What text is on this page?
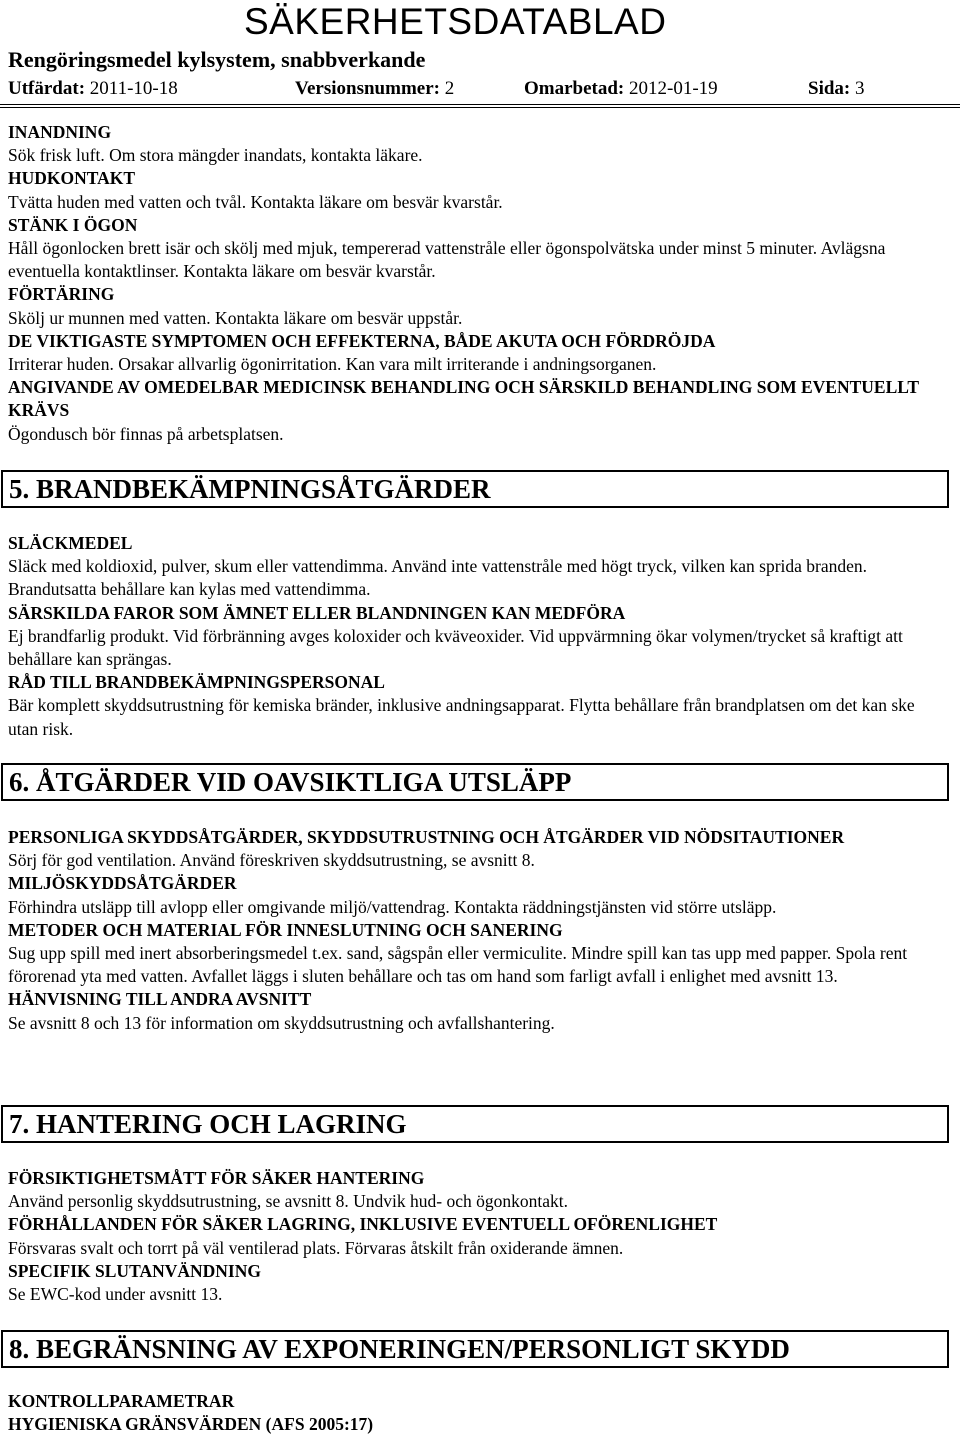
SÄKERHETSDATABLAD
Rengöringsmedel kylsystem, snabbverkande
Utfärdat: 2011-10-18	Versionsnummer: 2	Omarbetad: 2012-01-19	Sida: 3

INANDNING

Sök frisk luft. Om stora mängder inandats, kontakta läkare.

HUDKONTAKT

Tvätta huden med vatten och tvål. Kontakta läkare om besvär kvarstår.

STÄNK I ÖGON

Håll ögonlocken brett isär och skölj med mjuk, tempererad vattenstråle eller ögonspolvätska under minst 5 minuter. Avlägsna eventuella kontaktlinser. Kontakta läkare om besvär kvarstår.

FÖRTÄRING

Skölj ur munnen med vatten. Kontakta läkare om besvär uppstår.

DE VIKTIGASTE SYMPTOMEN OCH EFFEKTERNA, BÅDE AKUTA OCH FÖRDRÖJDA

Irriterar huden. Orsakar allvarlig ögonirritation. Kan vara milt irriterande i andningsorganen.

ANGIVANDE AV OMEDELBAR MEDICINSK BEHANDLING OCH SÄRSKILD BEHANDLING SOM EVENTUELLT KRÄVS

Ögondusch bör finnas på arbetsplatsen.

5. BRANDBEKÄMPNINGSÅTGÄRDER

SLÄCKMEDEL

Släck med koldioxid, pulver, skum eller vattendimma. Använd inte vattenstråle med högt tryck, vilken kan sprida branden. Brandutsatta behållare kan kylas med vattendimma.

SÄRSKILDA FAROR SOM ÄMNET ELLER BLANDNINGEN KAN MEDFÖRA

Ej brandfarlig produkt. Vid förbränning avges koloxider och kväveoxider. Vid uppvärmning ökar volymen/trycket så kraftigt att behållare kan sprängas.

RÅD TILL BRANDBEKÄMPNINGSPERSONAL

Bär komplett skyddsutrustning för kemiska bränder, inklusive andningsapparat. Flytta behållare från brandplatsen om det kan ske utan risk.

6. ÅTGÄRDER VID OAVSIKTLIGA UTSLÄPP

PERSONLIGA SKYDDSÅTGÄRDER, SKYDDSUTRUSTNING OCH ÅTGÄRDER VID NÖDSITAUTIONER

Sörj för god ventilation. Använd föreskriven skyddsutrustning, se avsnitt 8.

MILJÖSKYDDSÅTGÄRDER

Förhindra utsläpp till avlopp eller omgivande miljö/vattendrag. Kontakta räddningstjänsten vid större utsläpp.

METODER OCH MATERIAL FÖR INNESLUTNING OCH SANERING

Sug upp spill med inert absorberingsmedel t.ex. sand, sågspån eller vermiculite. Mindre spill kan tas upp med papper. Spola rent förorenad yta med vatten. Avfallet läggs i sluten behållare och tas om hand som farligt avfall i enlighet med avsnitt 13.

HÄNVISNING TILL ANDRA AVSNITT

Se avsnitt 8 och 13 för information om skyddsutrustning och avfallshantering.

7. HANTERING OCH LAGRING

FÖRSIKTIGHETSMÅTT FÖR SÄKER HANTERING

Använd personlig skyddsutrustning, se avsnitt 8. Undvik hud- och ögonkontakt.

FÖRHÅLLANDEN FÖR SÄKER LAGRING, INKLUSIVE EVENTUELL OFÖRENLIGHET

Försvaras svalt och torrt på väl ventilerad plats. Förvaras åtskilt från oxiderande ämnen.

SPECIFIK SLUTANVÄNDNING

Se EWC-kod under avsnitt 13.

8. BEGRÄNSNING AV EXPONERINGEN/PERSONLIGT SKYDD

KONTROLLPARAMETRAR

HYGIENISKA GRÄNSVÄRDEN (AFS 2005:17)
